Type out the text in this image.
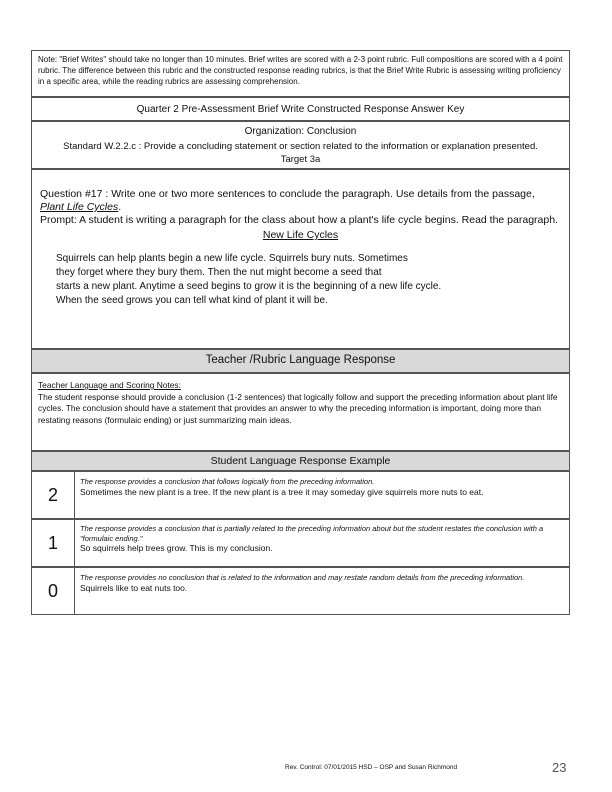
Note: "Brief Writes" should take no longer than 10 minutes. Brief writes are scored with a 2-3 point rubric. Full compositions are scored with a 4 point rubric. The difference between this rubric and the constructed response reading rubrics, is that the Brief Write Rubric is assessing writing proficiency in a specific area, while the reading rubrics are assessing comprehension.
Quarter 2 Pre-Assessment Brief Write Constructed Response Answer Key
Organization: Conclusion
Standard W.2.2.c : Provide a concluding statement or section related to the information or explanation presented.
Target 3a
Question #17 : Write one or two more sentences to conclude the paragraph. Use details from the passage, Plant Life Cycles.
Prompt: A student is writing a paragraph for the class about how a plant's life cycle begins. Read the paragraph.
New Life Cycles
Squirrels can help plants begin a new life cycle. Squirrels bury nuts. Sometimes
they forget where they bury them. Then the nut might become a seed that
starts a new plant. Anytime a seed begins to grow it is the beginning of a new life cycle.
When the seed grows you can tell what kind of plant it will be.
Teacher /Rubric Language Response
Teacher Language and Scoring Notes:
The student response should provide a conclusion (1-2 sentences) that logically follow and support the preceding information about plant life cycles. The conclusion should have a statement that provides an answer to why the preceding information is important, doing more than restating reasons (formulaic ending) or just summarizing main ideas.
Student Language Response Example
2
The response provides a conclusion that follows logically from the preceding information.
Sometimes the new plant is a tree. If the new plant is a tree it may someday give squirrels more nuts to eat.
1
The response provides a conclusion that is partially related to the preceding information about but the student restates the conclusion with a "formulaic ending."
So squirrels help trees grow. This is my conclusion.
0
The response provides no conclusion that is related to the information and may restate random details from the preceding information.
Squirrels like to eat nuts too.
Rev. Control: 07/01/2015 HSD – OSP and Susan Richmond	23
